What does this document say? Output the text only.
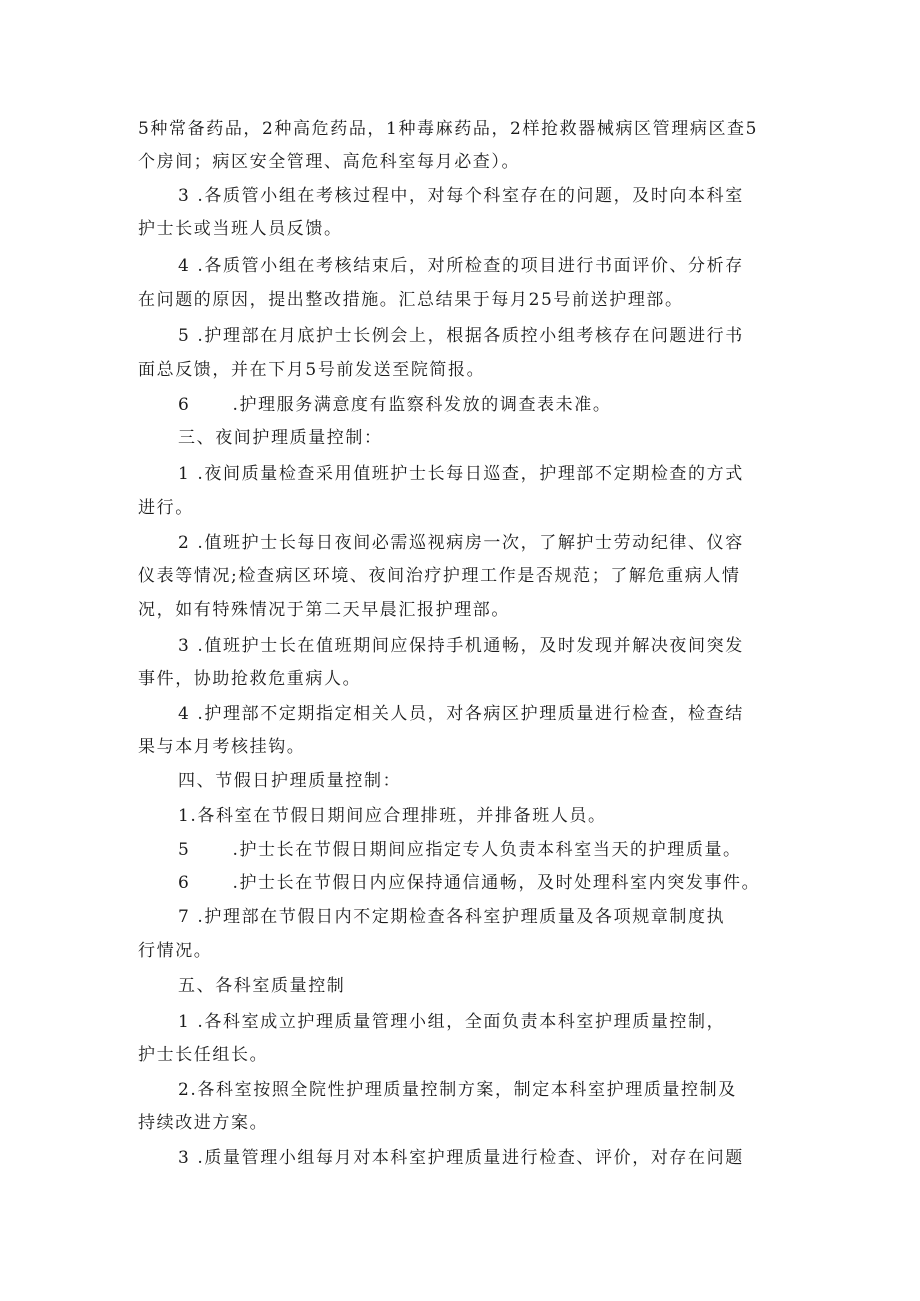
5种常备药品，2种高危药品，1种毒麻药品，2样抢救器械病区管理病区查5
个房间；病区安全管理、高危科室每月必查）。
3 .各质管小组在考核过程中，对每个科室存在的问题，及时向本科室
护士长或当班人员反馈。
4 .各质管小组在考核结束后，对所检查的项目进行书面评价、分析存
在问题的原因，提出整改措施。汇总结果于每月25号前送护理部。
5 .护理部在月底护士长例会上，根据各质控小组考核存在问题进行书
面总反馈，并在下月5号前发送至院简报。
6      .护理服务满意度有监察科发放的调查表未准。
三、夜间护理质量控制：
1 .夜间质量检查采用值班护士长每日巡查，护理部不定期检查的方式
进行。
2 .值班护士长每日夜间必需巡视病房一次，了解护士劳动纪律、仪容
仪表等情况;检查病区环境、夜间治疗护理工作是否规范；了解危重病人情
况，如有特殊情况于第二天早晨汇报护理部。
3 .值班护士长在值班期间应保持手机通畅，及时发现并解决夜间突发
事件，协助抢救危重病人。
4 .护理部不定期指定相关人员，对各病区护理质量进行检查，检查结
果与本月考核挂钩。
四、节假日护理质量控制：
1.各科室在节假日期间应合理排班，并排备班人员。
5      .护士长在节假日期间应指定专人负责本科室当天的护理质量。
6      .护士长在节假日内应保持通信通畅，及时处理科室内突发事件。
7 .护理部在节假日内不定期检查各科室护理质量及各项规章制度执
行情况。
五、各科室质量控制
1 .各科室成立护理质量管理小组，全面负责本科室护理质量控制，
护士长任组长。
2.各科室按照全院性护理质量控制方案，制定本科室护理质量控制及
持续改进方案。
3 .质量管理小组每月对本科室护理质量进行检查、评价，对存在问题
